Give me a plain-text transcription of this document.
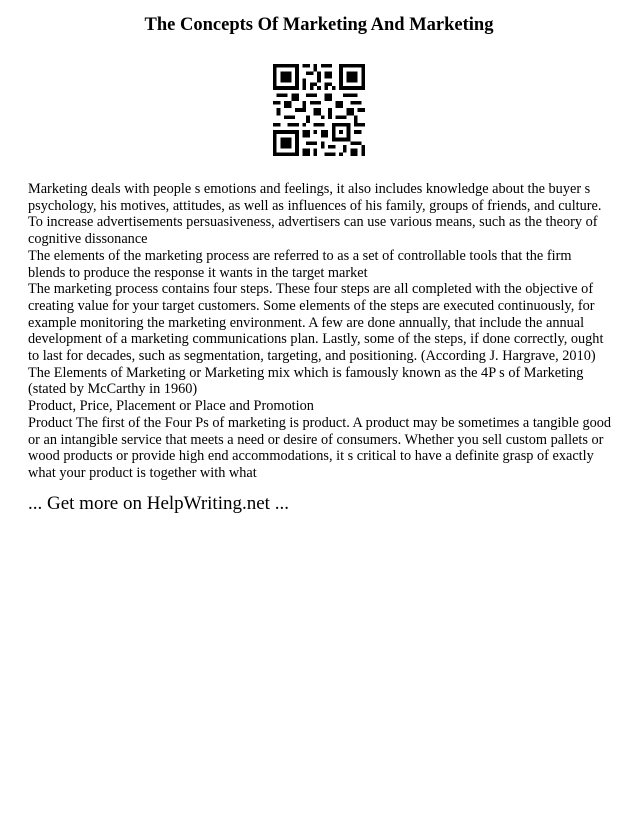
The Concepts Of Marketing And Marketing

Marketing deals with people s emotions and feelings, it also includes knowledge about the buyer s psychology, his motives, attitudes, as well as influences of his family, groups of friends, and culture. To increase advertisements persuasiveness, advertisers can use various means, such as the theory of cognitive dissonance

The elements of the marketing process are referred to as a set of controllable tools that the firm blends to produce the response it wants in the target market

The marketing process contains four steps. These four steps are all completed with the objective of creating value for your target customers. Some elements of the steps are executed continuously, for example monitoring the marketing environment. A few are done annually, that include the annual development of a marketing communications plan. Lastly, some of the steps, if done correctly, ought to last for decades, such as segmentation, targeting, and positioning. (According J. Hargrave, 2010)

The Elements of Marketing or Marketing mix which is famously known as the 4P s of Marketing (stated by McCarthy in 1960)

Product, Price, Placement or Place and Promotion

Product The first of the Four Ps of marketing is product. A product may be sometimes a tangible good or an intangible service that meets a need or desire of consumers. Whether you sell custom pallets or wood products or provide high end accommodations, it s critical to have a definite grasp of exactly what your product is together with what

... Get more on HelpWriting.net ...
